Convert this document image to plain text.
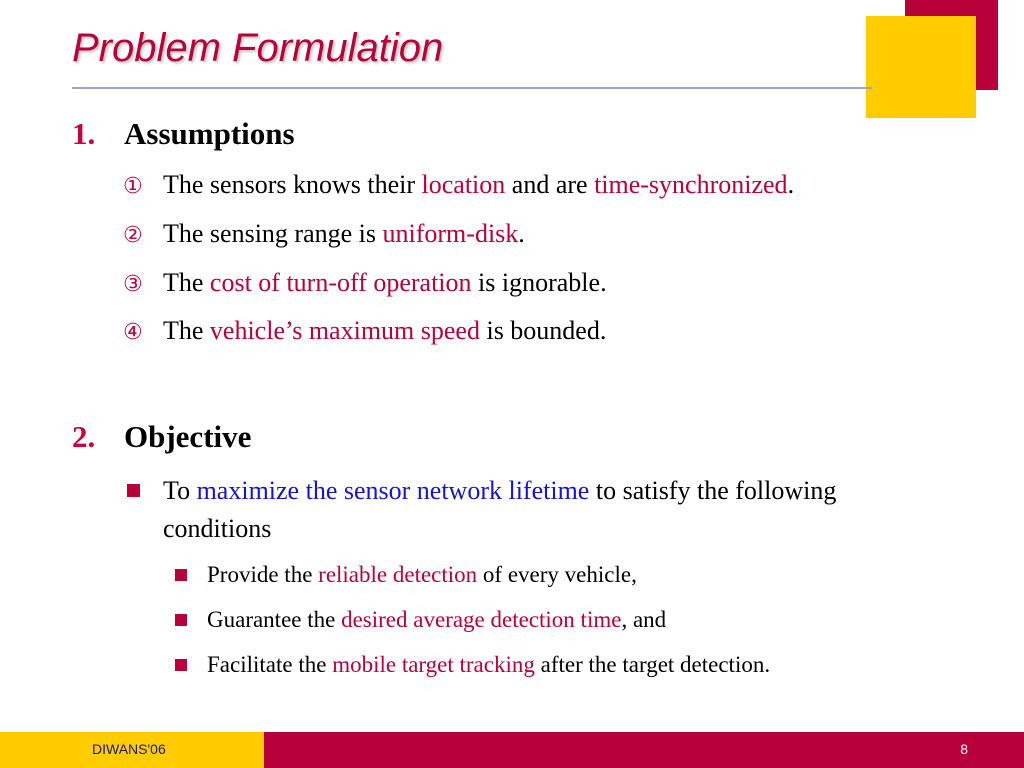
Problem Formulation
1. Assumptions
① The sensors knows their location and are time-synchronized.
② The sensing range is uniform-disk.
③ The cost of turn-off operation is ignorable.
④ The vehicle’s maximum speed is bounded.
2. Objective
To maximize the sensor network lifetime to satisfy the following conditions
Provide the reliable detection of every vehicle,
Guarantee the desired average detection time, and
Facilitate the mobile target tracking after the target detection.
DIWANS'06	8
